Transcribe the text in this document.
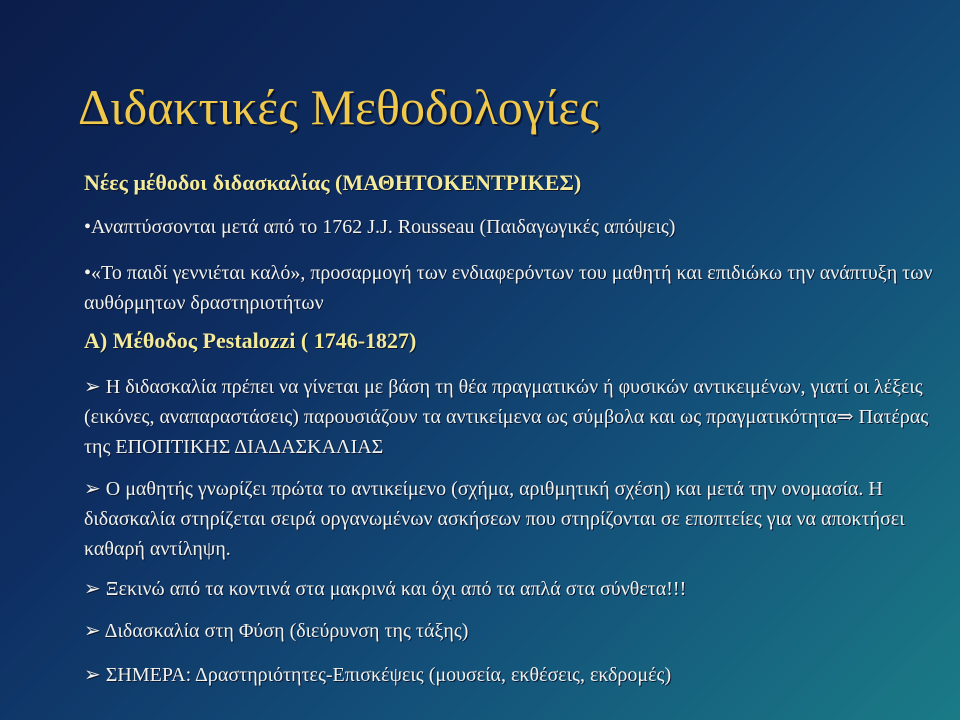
Διδακτικές Μεθοδολογίες
Νέες μέθοδοι διδασκαλίας (ΜΑΘΗΤΟΚΕΝΤΡΙΚΕΣ)
•Αναπτύσσονται μετά από το 1762 J.J. Rousseau (Παιδαγωγικές απόψεις)
•«Το παιδί γεννιέται καλό», προσαρμογή των ενδιαφερόντων του μαθητή και επιδιώκω την ανάπτυξη των αυθόρμητων δραστηριοτήτων
Α) Μέθοδος Pestalozzi ( 1746-1827)
➢ Η διδασκαλία πρέπει να γίνεται με βάση τη θέα πραγματικών ή φυσικών αντικειμένων, γιατί οι λέξεις (εικόνες, αναπαραστάσεις) παρουσιάζουν τα αντικείμενα ως σύμβολα και ως πραγματικότητα⇒ Πατέρας της ΕΠΟΠΤΙΚΗΣ ΔΙΑΔΑΣΚΑΛΙΑΣ
➢ Ο μαθητής γνωρίζει πρώτα το αντικείμενο (σχήμα, αριθμητική σχέση) και μετά την ονομασία. Η διδασκαλία στηρίζεται σειρά οργανωμένων ασκήσεων που στηρίζονται σε εποπτείες για να αποκτήσει καθαρή αντίληψη.
➢ Ξεκινώ από τα κοντινά στα μακρινά και όχι από τα απλά στα σύνθετα!!!
➢ Διδασκαλία στη Φύση (διεύρυνση της τάξης)
➢ ΣΗΜΕΡΑ: Δραστηριότητες-Επισκέψεις (μουσεία, εκθέσεις, εκδρομές)
